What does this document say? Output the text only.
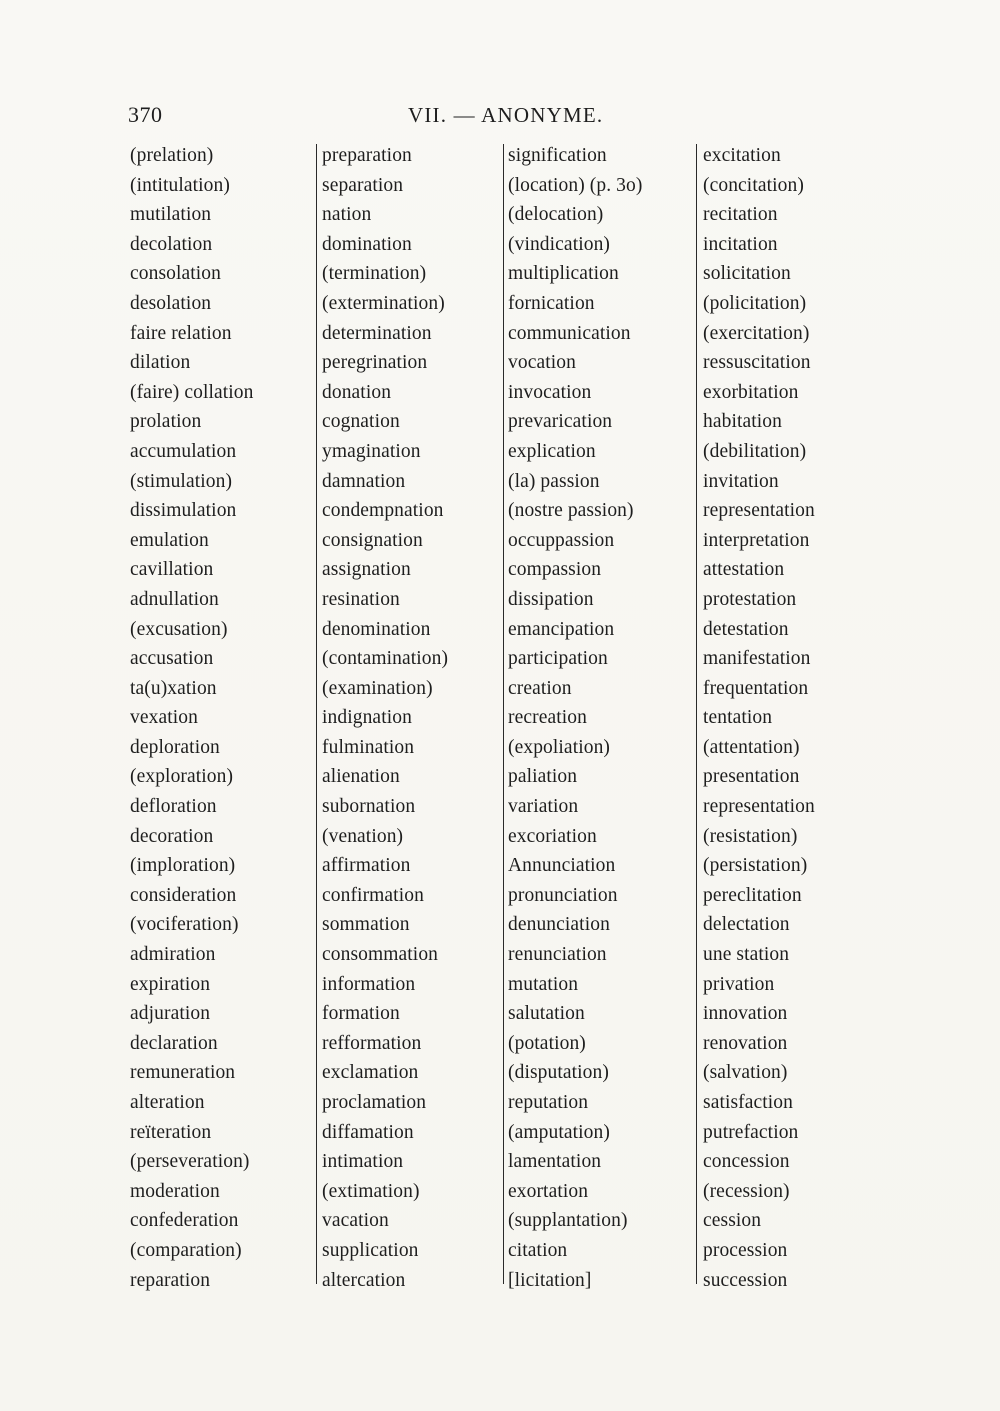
370	VII. — ANONYME.
(prelation)
(intitulation)
mutilation
decolation
consolation
desolation
faire relation
dilation
(faire) collation
prolation
accumulation
(stimulation)
dissimulation
emulation
cavillation
adnullation
(excusation)
accusation
ta(u)xation
vexation
deploration
(exploration)
defloration
decoration
(imploration)
consideration
(vociferation)
admiration
expiration
adjuration
declaration
remuneration
alteration
reïteration
(perseveration)
moderation
confederation
(comparation)
reparation
preparation
separation
nation
domination
(termination)
(extermination)
determination
peregrination
donation
cognation
ymagination
damnation
condempnation
consignation
assignation
resination
denomination
(contamination)
(examination)
indignation
fulmination
alienation
subornation
(venation)
affirmation
confirmation
sommation
consommation
information
formation
refformation
exclamation
proclamation
diffamation
intimation
(extimation)
vacation
supplication
altercation
signification
(location) (p. 3o)
(delocation)
(vindication)
multiplication
fornication
communication
vocation
invocation
prevarication
explication
(la) passion
(nostre passion)
occuppassion
compassion
dissipation
emancipation
participation
creation
recreation
(expoliation)
paliation
variation
excoriation
Annunciation
pronunciation
denunciation
renunciation
mutation
salutation
(potation)
(disputation)
reputation
(amputation)
lamentation
exortation
(supplantation)
citation
[licitation]
excitation
(concitation)
recitation
incitation
solicitation
(policitation)
(exercitation)
ressuscitation
exorbitation
habitation
(debilitation)
invitation
representation
interpretation
attestation
protestation
detestation
manifestation
frequentation
tentation
(attentation)
presentation
representation
(resistation)
(persistation)
pereclitation
delectation
une station
privation
innovation
renovation
(salvation)
satisfaction
putrefaction
concession
(recession)
cession
procession
succession
